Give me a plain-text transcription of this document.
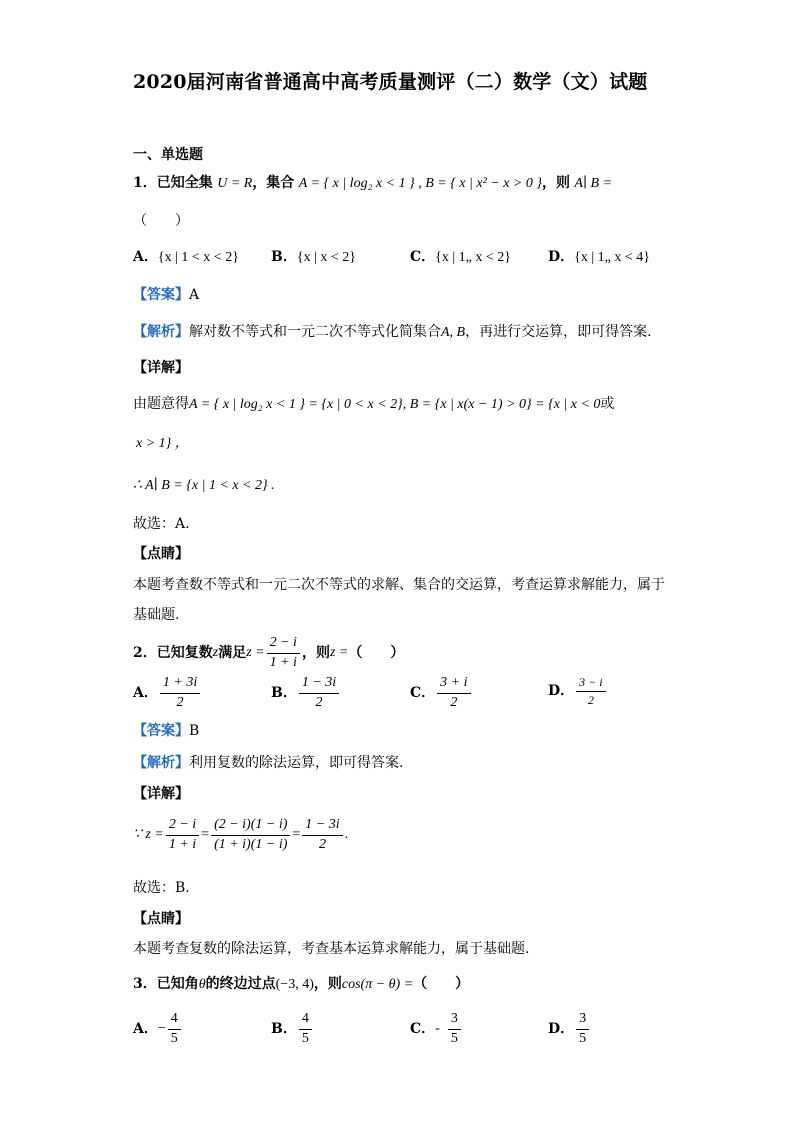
2020届河南省普通高中高考质量测评（二）数学（文）试题
一、单选题
1．已知全集 U = R，集合 A = { x | log₂ x < 1 } , B = { x | x² − x > 0 }，则 A∣ B =
（　　）
A．{x | 1 < x < 2} B．{x | x < 2}	C．{x | 1„ x < 2}	D．{x | 1„ x < 4}
【答案】A
【解析】解对数不等式和一元二次不等式化简集合A, B，再进行交运算，即可得答案.
【详解】
由题意得A = { x | log₂ x < 1 } = {x | 0 < x < 2}, B = {x | x(x − 1) > 0} = {x | x < 0或
x > 1} ，
∴ A∣ B = {x | 1 < x < 2} .
故选：A.
【点睛】
本题考查数不等式和一元二次不等式的求解、集合的交运算，考查运算求解能力，属于
基础题.
2． 已知复数 z 满足 $z = \frac{2 - i}{1 + i}$ ，则 z = （　　）
A． $\frac{1 + 3i}{2}$	B． $\frac{1 - 3i}{2}$	C． $\frac{3 + i}{2}$	D． $\frac{3 - i}{2}$
【答案】B
【解析】利用复数的除法运算，即可得答案.
【详解】
∵ $z = \frac{2 - i}{1 + i} = \frac{(2 - i)(1 - i)}{(1 + i)(1 - i)} = \frac{1 - 3i}{2}$ .
故选：B.
【点睛】
本题考查复数的除法运算，考查基本运算求解能力，属于基础题.
3．已知角θ的终边过点(−3, 4)，则cos(π − θ) =（　　）
A． − $\frac{4}{5}$	B． $\frac{4}{5}$	C． - $\frac{3}{5}$	D． $\frac{3}{5}$
